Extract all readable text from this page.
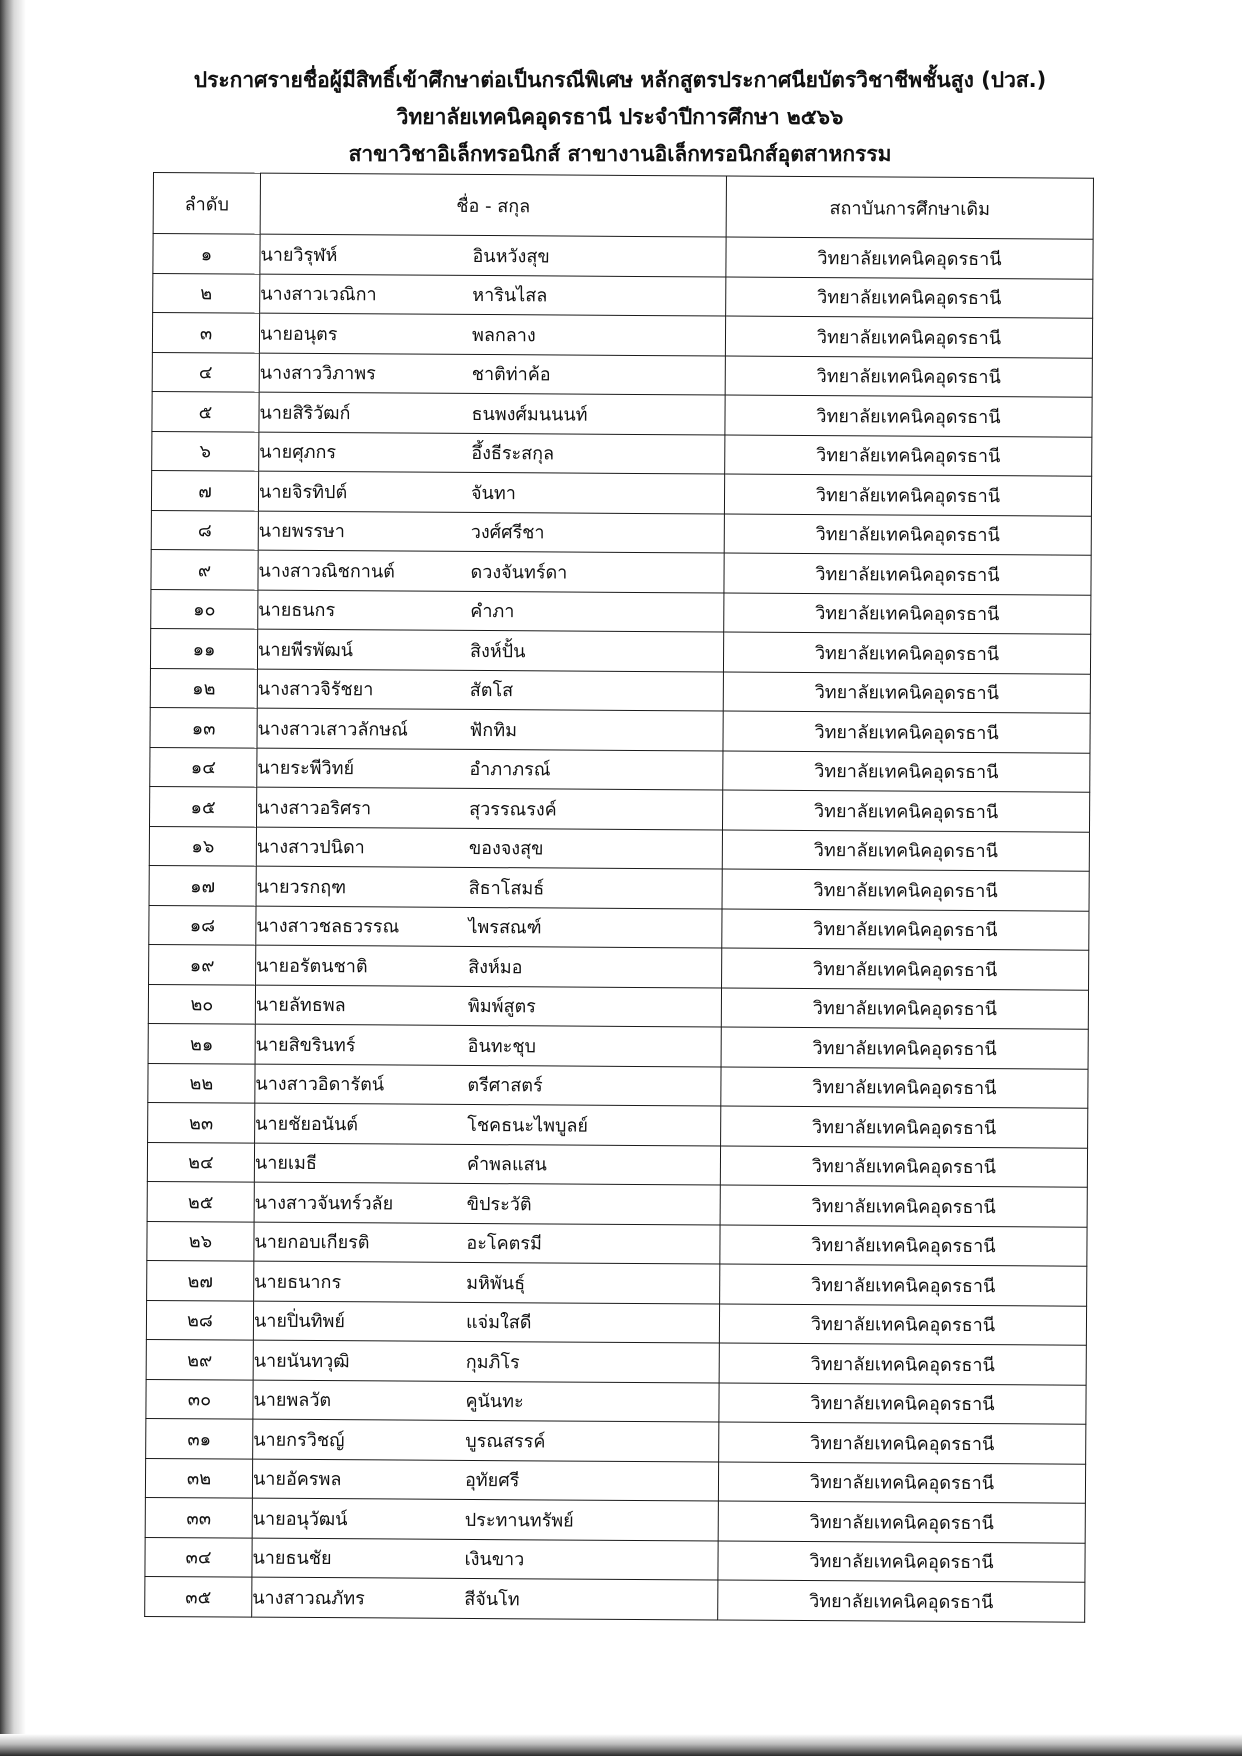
ประกาศรายชื่อผู้มีสิทธิ์เข้าศึกษาต่อเป็นกรณีพิเศษ หลักสูตรประกาศนียบัตรวิชาชีพชั้นสูง (ปวส.)
วิทยาลัยเทคนิคอุดรธานี ประจำปีการศึกษา ๒๕๖๖
สาขาวิชาอิเล็กทรอนิกส์ สาขางานอิเล็กทรอนิกส์อุตสาหกรรม
ลำดับ	ชื่อ - สกุล	สถาบันการศึกษาเดิม
๑	นายวิรุฬห์ อินหวังสุข	วิทยาลัยเทคนิคอุดรธานี
๒	นางสาวเวณิกา หารินไสล	วิทยาลัยเทคนิคอุดรธานี
๓	นายอนุตร พลกลาง	วิทยาลัยเทคนิคอุดรธานี
๔	นางสาววิภาพร ชาติท่าค้อ	วิทยาลัยเทคนิคอุดรธานี
๕	นายสิริวัฒก์ ธนพงศ์มนนนท์	วิทยาลัยเทคนิคอุดรธานี
๖	นายศุภกร อึ้งธีระสกุล	วิทยาลัยเทคนิคอุดรธานี
๗	นายจิรทิปต์ จันทา	วิทยาลัยเทคนิคอุดรธานี
๘	นายพรรษา วงศ์ศรีชา	วิทยาลัยเทคนิคอุดรธานี
๙	นางสาวณิชกานต์ ดวงจันทร์ดา	วิทยาลัยเทคนิคอุดรธานี
๑๐	นายธนกร คำภา	วิทยาลัยเทคนิคอุดรธานี
๑๑	นายพีรพัฒน์ สิงห์ปั้น	วิทยาลัยเทคนิคอุดรธานี
๑๒	นางสาวจิรัชยา สัตโส	วิทยาลัยเทคนิคอุดรธานี
๑๓	นางสาวเสาวลักษณ์ ฟักทิม	วิทยาลัยเทคนิคอุดรธานี
๑๔	นายระพีวิทย์ อำภาภรณ์	วิทยาลัยเทคนิคอุดรธานี
๑๕	นางสาวอริศรา สุวรรณรงค์	วิทยาลัยเทคนิคอุดรธานี
๑๖	นางสาวปนิดา ของจงสุข	วิทยาลัยเทคนิคอุดรธานี
๑๗	นายวรกฤฑ สิธาโสมธ์	วิทยาลัยเทคนิคอุดรธานี
๑๘	นางสาวชลธวรรณ ไพรสณฑ์	วิทยาลัยเทคนิคอุดรธานี
๑๙	นายอรัตนชาติ สิงห์มอ	วิทยาลัยเทคนิคอุดรธานี
๒๐	นายลัทธพล พิมพ์สูตร	วิทยาลัยเทคนิคอุดรธานี
๒๑	นายสิขรินทร์ อินทะชุบ	วิทยาลัยเทคนิคอุดรธานี
๒๒	นางสาวอิดารัตน์ ตรีศาสตร์	วิทยาลัยเทคนิคอุดรธานี
๒๓	นายชัยอนันต์ โชคธนะไพบูลย์	วิทยาลัยเทคนิคอุดรธานี
๒๔	นายเมธี คำพลแสน	วิทยาลัยเทคนิคอุดรธานี
๒๕	นางสาวจันทร์วลัย ขิประวัติ	วิทยาลัยเทคนิคอุดรธานี
๒๖	นายกอบเกียรติ อะโคตรมี	วิทยาลัยเทคนิคอุดรธานี
๒๗	นายธนากร มหิพันธุ์	วิทยาลัยเทคนิคอุดรธานี
๒๘	นายปิ่นทิพย์ แจ่มใสดี	วิทยาลัยเทคนิคอุดรธานี
๒๙	นายนันทวุฒิ กุมภิโร	วิทยาลัยเทคนิคอุดรธานี
๓๐	นายพลวัต คูนันทะ	วิทยาลัยเทคนิคอุดรธานี
๓๑	นายกรวิชญ์ บูรณสรรค์	วิทยาลัยเทคนิคอุดรธานี
๓๒	นายอัครพล อุทัยศรี	วิทยาลัยเทคนิคอุดรธานี
๓๓	นายอนุวัฒน์ ประทานทรัพย์	วิทยาลัยเทคนิคอุดรธานี
๓๔	นายธนชัย เงินขาว	วิทยาลัยเทคนิคอุดรธานี
๓๕	นางสาวณภัทร สีจันโท	วิทยาลัยเทคนิคอุดรธานี
